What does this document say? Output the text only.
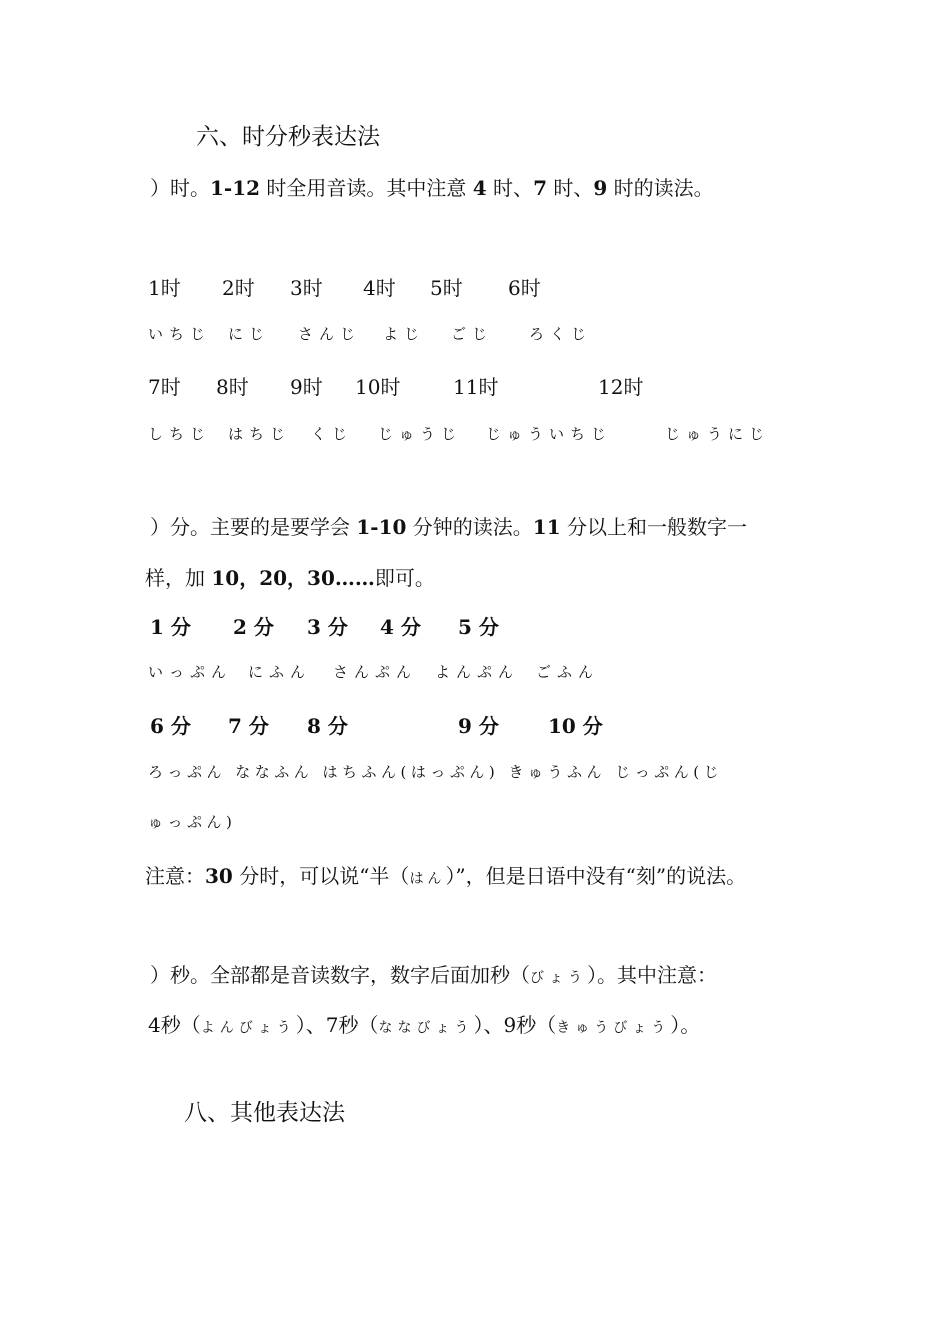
六、时分秒表达法
）时。1-12 时全用音读。其中注意 4 时、7 时、9 时的读法。
1时 2时 3时 4时 5时 6时
いちじ にじ さんじ よじ ごじ ろくじ
7时 8时 9时 10时	11时	12时
しちじ はちじ くじ じゅうじ じゅういちじ	じゅうにじ
）分。主要的是要学会 1-10 分钟的读法。11 分以上和一般数字一
样，加 10，20，30……即可。
1 分 2 分 3 分 4 分 5 分
いっぷん にふん さんぷん よんぷん ごふん
6 分 7 分 8 分	9 分 10 分
ろっぷん ななふん はちふん(はっぷん) きゅうふん じっぷん(じ
ゅっぷん)
注意：30 分时，可以说“半（はん）”，但是日语中没有“刻”的说法。
）秒。全部都是音读数字，数字后面加秒（びょう）。其中注意：
4秒（よんびょう）、7秒（ななびょう）、9秒（きゅうびょう）。
八、其他表达法
